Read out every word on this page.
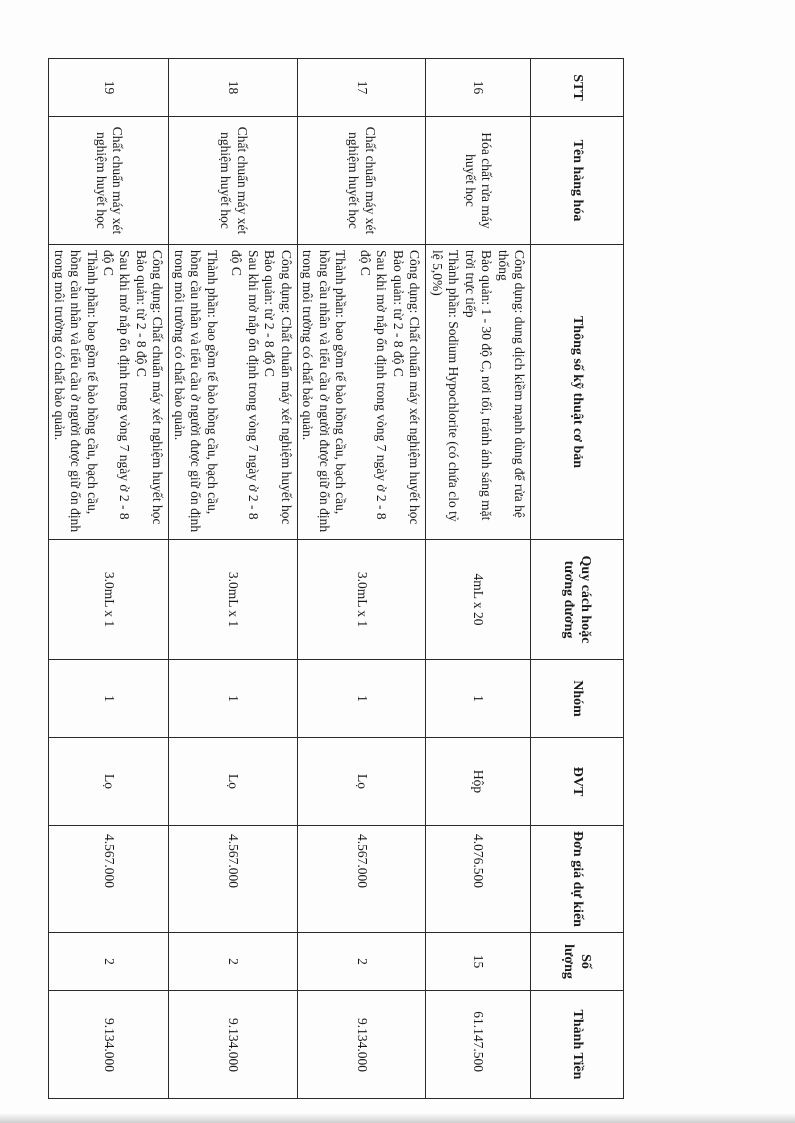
STT	Tên hàng hóa	Thông số kỹ thuật cơ bản	Quy cách hoặc tương đương	Nhóm	ĐVT	Đơn giá dự kiến	Số lượng	Thành Tiền
16	Hóa chất rửa máy huyết học	Công dụng: dung dịch kiềm mạnh dùng để rửa hệ thống
Bảo quản: 1 - 30 độ C, nơi tối, tránh ánh sáng mặt trời trực tiếp
Thành phần: Sodium Hypochlorite (có chứa clo tỷ lệ 5,0%)	4mL x 20	1	Hộp	4.076.500	15	61.147.500
17	Chất chuẩn máy xét nghiệm huyết học	Công dụng: Chất chuẩn máy xét nghiệm huyết học
Bảo quản: từ 2 - 8 độ C
Sau khi mở nắp ổn định trong vòng 7 ngày ở 2 - 8 độ C
Thành phần: bao gồm tế bào hồng cầu, bạch cầu, hồng cầu nhân và tiểu cầu ở người được giữ ổn định trong môi trường có chất bảo quản.	3.0mL x 1	1	Lọ	4.567.000	2	9.134.000
18	Chất chuẩn máy xét nghiệm huyết học	Công dụng: Chất chuẩn máy xét nghiệm huyết học
Bảo quản: từ 2 - 8 độ C
Sau khi mở nắp ổn định trong vòng 7 ngày ở 2 - 8 độ C
Thành phần: bao gồm tế bào hồng cầu, bạch cầu, hồng cầu nhân và tiểu cầu ở người được giữ ổn định trong môi trường có chất bảo quản.	3.0mL x 1	1	Lọ	4.567.000	2	9.134.000
19	Chất chuẩn máy xét nghiệm huyết học	Công dụng: Chất chuẩn máy xét nghiệm huyết học
Bảo quản: từ 2 - 8 độ C
Sau khi mở nắp ổn định trong vòng 7 ngày ở 2 - 8 độ C
Thành phần: bao gồm tế bào hồng cầu, bạch cầu, hồng cầu nhân và tiểu cầu ở người được giữ ổn định trong môi trường có chất bảo quản.	3.0mL x 1	1	Lọ	4.567.000	2	9.134.000
